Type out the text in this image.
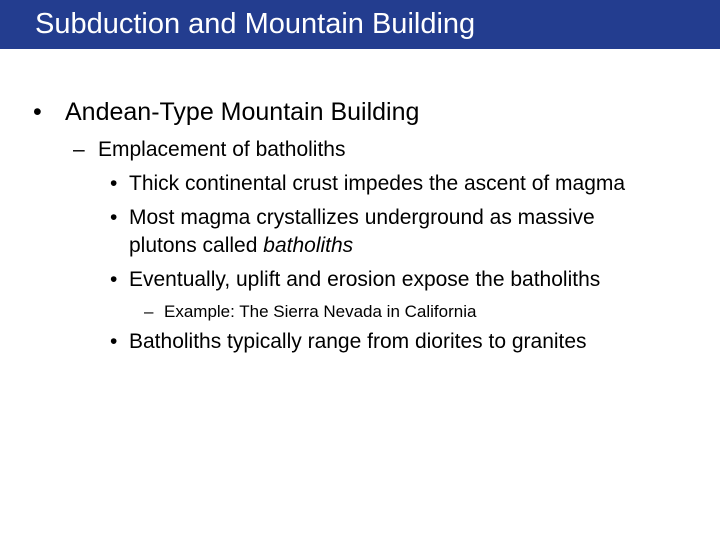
Subduction and Mountain Building
• Andean-Type Mountain Building
– Emplacement of batholiths
• Thick continental crust impedes the ascent of magma
• Most magma crystallizes underground as massive
plutons called batholiths
• Eventually, uplift and erosion expose the batholiths
– Example: The Sierra Nevada in California
• Batholiths typically range from diorites to granites
